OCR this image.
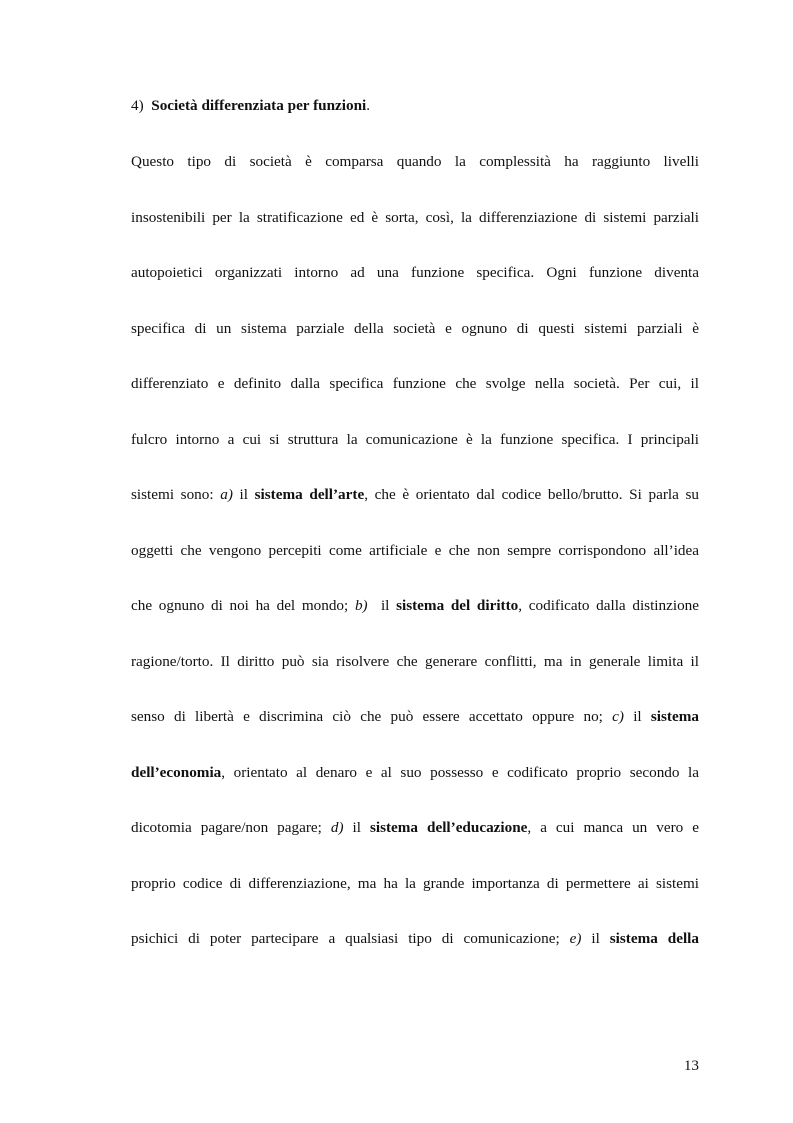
4) Società differenziata per funzioni.
Questo tipo di società è comparsa quando la complessità ha raggiunto livelli
insostenibili per la stratificazione ed è sorta, così, la differenziazione di sistemi parziali
autopoietici organizzati intorno ad una funzione specifica. Ogni funzione diventa
specifica di un sistema parziale della società e ognuno di questi sistemi parziali è
differenziato e definito dalla specifica funzione che svolge nella società. Per cui, il
fulcro intorno a cui si struttura la comunicazione è la funzione specifica. I principali
sistemi sono: a) il sistema dell’arte, che è orientato dal codice bello/brutto. Si parla su
oggetti che vengono percepiti come artificiale e che non sempre corrispondono all’idea
che ognuno di noi ha del mondo; b)  il sistema del diritto, codificato dalla distinzione
ragione/torto. Il diritto può sia risolvere che generare conflitti, ma in generale limita il
senso di libertà e discrimina ciò che può essere accettato oppure no; c) il sistema
dell’economia, orientato al denaro e al suo possesso e codificato proprio secondo la
dicotomia pagare/non pagare; d) il sistema dell’educazione, a cui manca un vero e
proprio codice di differenziazione, ma ha la grande importanza di permettere ai sistemi
psichici di poter partecipare a qualsiasi tipo di comunicazione; e) il sistema della
13
